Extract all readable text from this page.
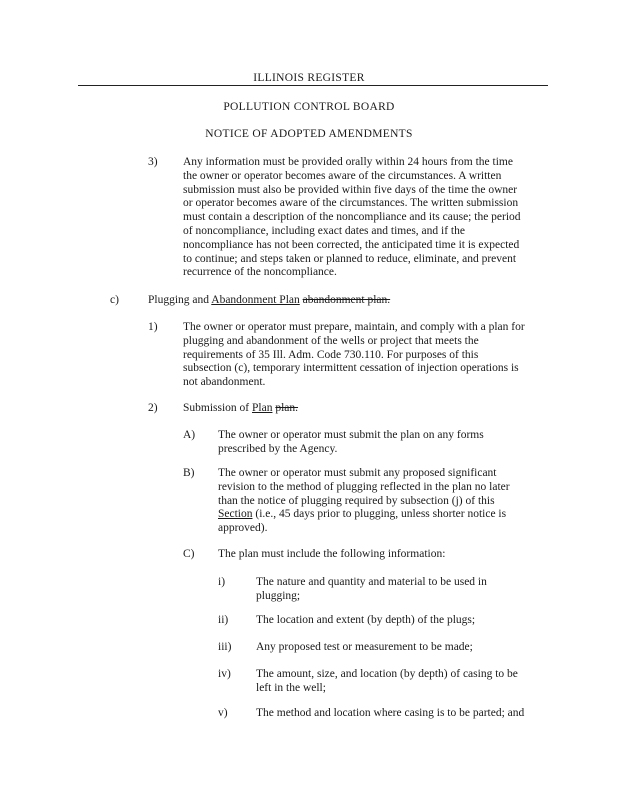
ILLINOIS REGISTER
POLLUTION CONTROL BOARD
NOTICE OF ADOPTED AMENDMENTS
3) Any information must be provided orally within 24 hours from the time
the owner or operator becomes aware of the circumstances. A written
submission must also be provided within five days of the time the owner
or operator becomes aware of the circumstances. The written submission
must contain a description of the noncompliance and its cause; the period
of noncompliance, including exact dates and times, and if the
noncompliance has not been corrected, the anticipated time it is expected
to continue; and steps taken or planned to reduce, eliminate, and prevent
recurrence of the noncompliance.
c)	Plugging and Abandonment Plan abandonment plan.
1) The owner or operator must prepare, maintain, and comply with a plan for
plugging and abandonment of the wells or project that meets the
requirements of 35 Ill. Adm. Code 730.110. For purposes of this
subsection (c), temporary intermittent cessation of injection operations is
not abandonment.
2) Submission of Plan plan.
A) The owner or operator must submit the plan on any forms
prescribed by the Agency.
B) The owner or operator must submit any proposed significant
revision to the method of plugging reflected in the plan no later
than the notice of plugging required by subsection (j) of this
Section (i.e., 45 days prior to plugging, unless shorter notice is
approved).
C) The plan must include the following information:
i)	The nature and quantity and material to be used in
plugging;
ii) The location and extent (by depth) of the plugs;
iii) Any proposed test or measurement to be made;
iv) The amount, size, and location (by depth) of casing to be
left in the well;
v) The method and location where casing is to be parted; and
